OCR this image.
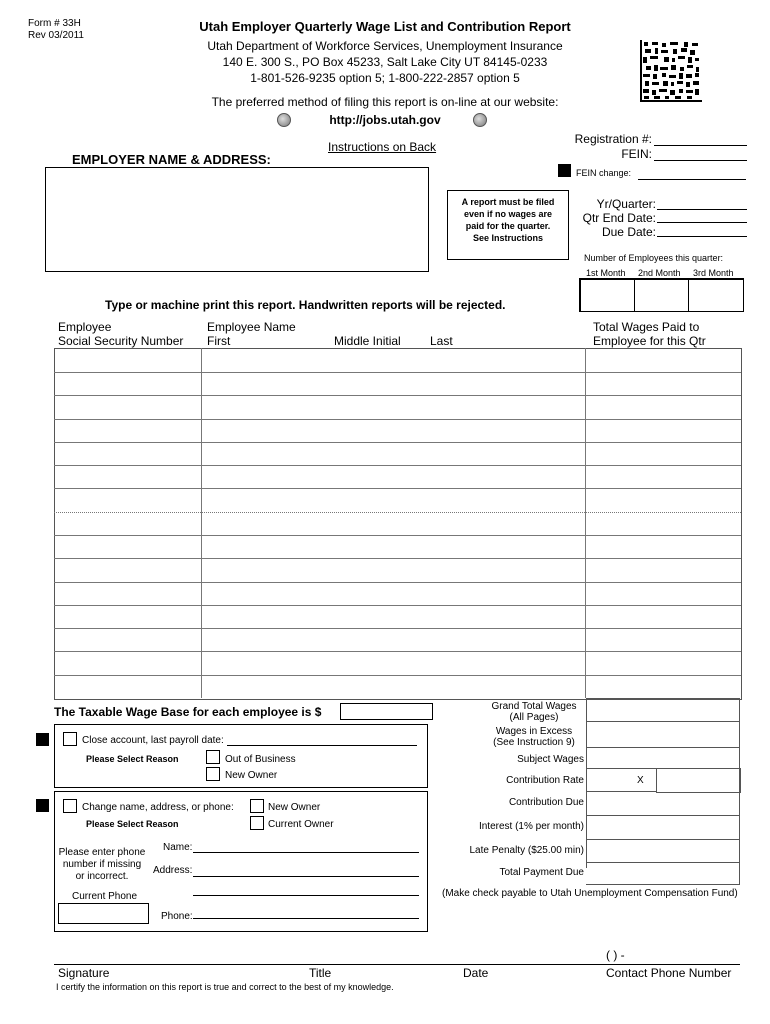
Form # 33H
Rev 03/2011
Utah Employer Quarterly Wage List and Contribution Report
Utah Department of Workforce Services, Unemployment Insurance
140 E. 300 S., PO Box 45233, Salt Lake City UT 84145-0233
1-801-526-9235 option 5; 1-800-222-2857 option 5
The preferred method of filing this report is on-line at our website:
http://jobs.utah.gov
Instructions on Back
EMPLOYER NAME & ADDRESS:
Registration #:
FEIN:
FEIN change:
A report must be filed
even if no wages are
paid for the quarter.
See Instructions
Yr/Quarter:
Qtr End Date:
Due Date:
Number of Employees this quarter:
1st Month 2nd Month 3rd Month
Type or machine print this report. Handwritten reports will be rejected.
Employee
Social Security Number
Employee Name
First	Middle Initial Last
Total Wages Paid to
Employee for this Qtr
The Taxable Wage Base for each employee is $
Close account, last payroll date:
Please Select Reason	Out of Business
New Owner
Change name, address, or phone:	New Owner
Please Select Reason	Current Owner
Please enter phone
number if missing
or incorrect.
Name:
Address:
Current Phone
Phone:
Grand Total Wages
(All Pages)
Wages in Excess
(See Instruction 9)
Subject Wages
Contribution Rate	X
Contribution Due
Interest (1% per month)
Late Penalty ($25.00 min)
Total Payment Due
(Make check payable to Utah Unemployment Compensation Fund)
( ) -
Signature	Title	Date	Contact Phone Number
I certify the information on this report is true and correct to the best of my knowledge.
